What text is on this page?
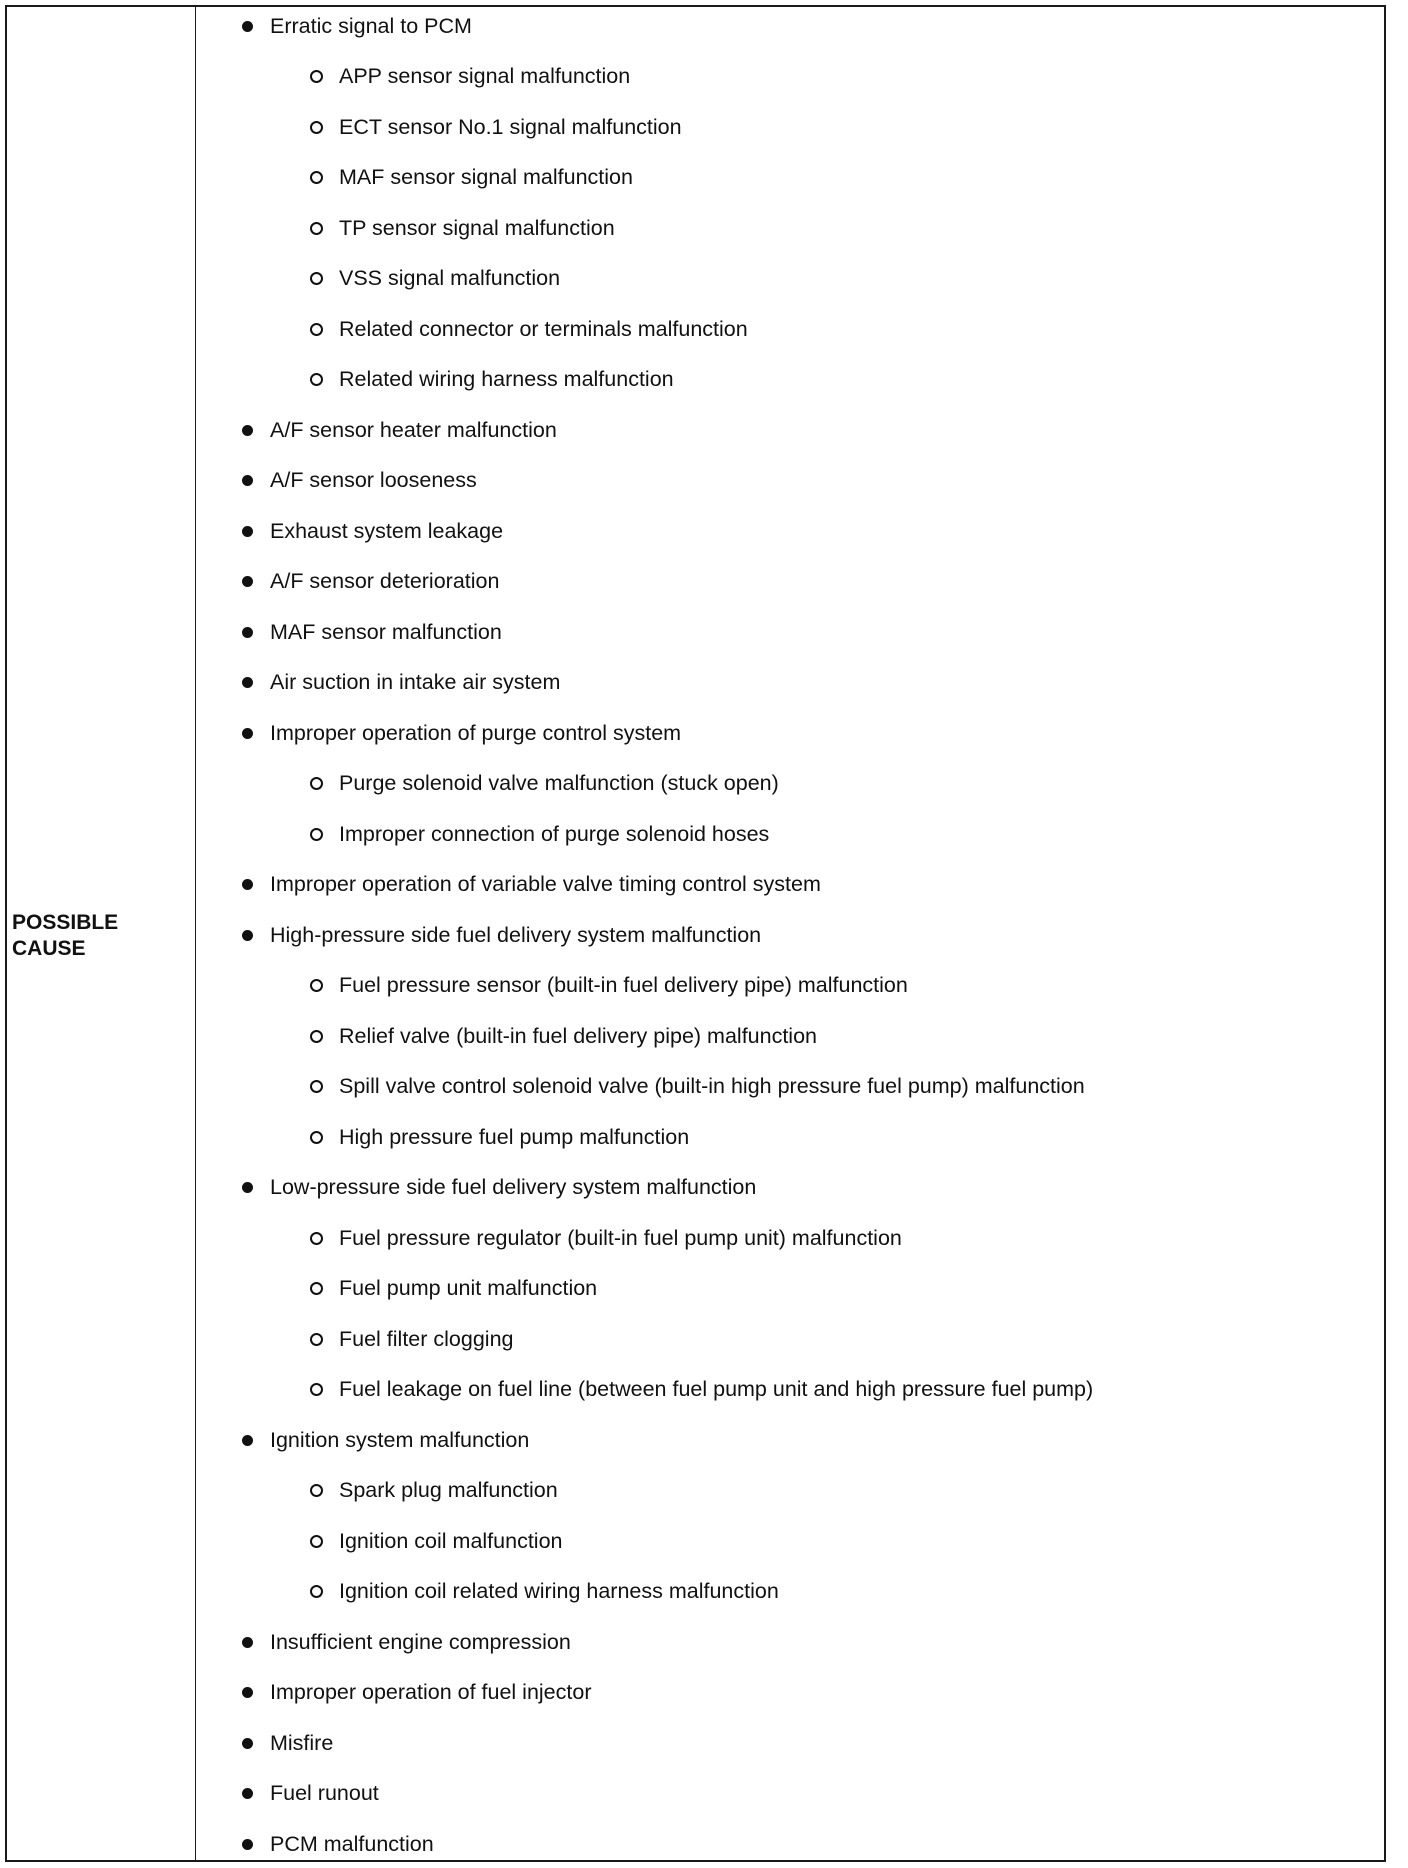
POSSIBLE
CAUSE
Erratic signal to PCM
APP sensor signal malfunction
ECT sensor No.1 signal malfunction
MAF sensor signal malfunction
TP sensor signal malfunction
VSS signal malfunction
Related connector or terminals malfunction
Related wiring harness malfunction
A/F sensor heater malfunction
A/F sensor looseness
Exhaust system leakage
A/F sensor deterioration
MAF sensor malfunction
Air suction in intake air system
Improper operation of purge control system
Purge solenoid valve malfunction (stuck open)
Improper connection of purge solenoid hoses
Improper operation of variable valve timing control system
High-pressure side fuel delivery system malfunction
Fuel pressure sensor (built-in fuel delivery pipe) malfunction
Relief valve (built-in fuel delivery pipe) malfunction
Spill valve control solenoid valve (built-in high pressure fuel pump) malfunction
High pressure fuel pump malfunction
Low-pressure side fuel delivery system malfunction
Fuel pressure regulator (built-in fuel pump unit) malfunction
Fuel pump unit malfunction
Fuel filter clogging
Fuel leakage on fuel line (between fuel pump unit and high pressure fuel pump)
Ignition system malfunction
Spark plug malfunction
Ignition coil malfunction
Ignition coil related wiring harness malfunction
Insufficient engine compression
Improper operation of fuel injector
Misfire
Fuel runout
PCM malfunction
